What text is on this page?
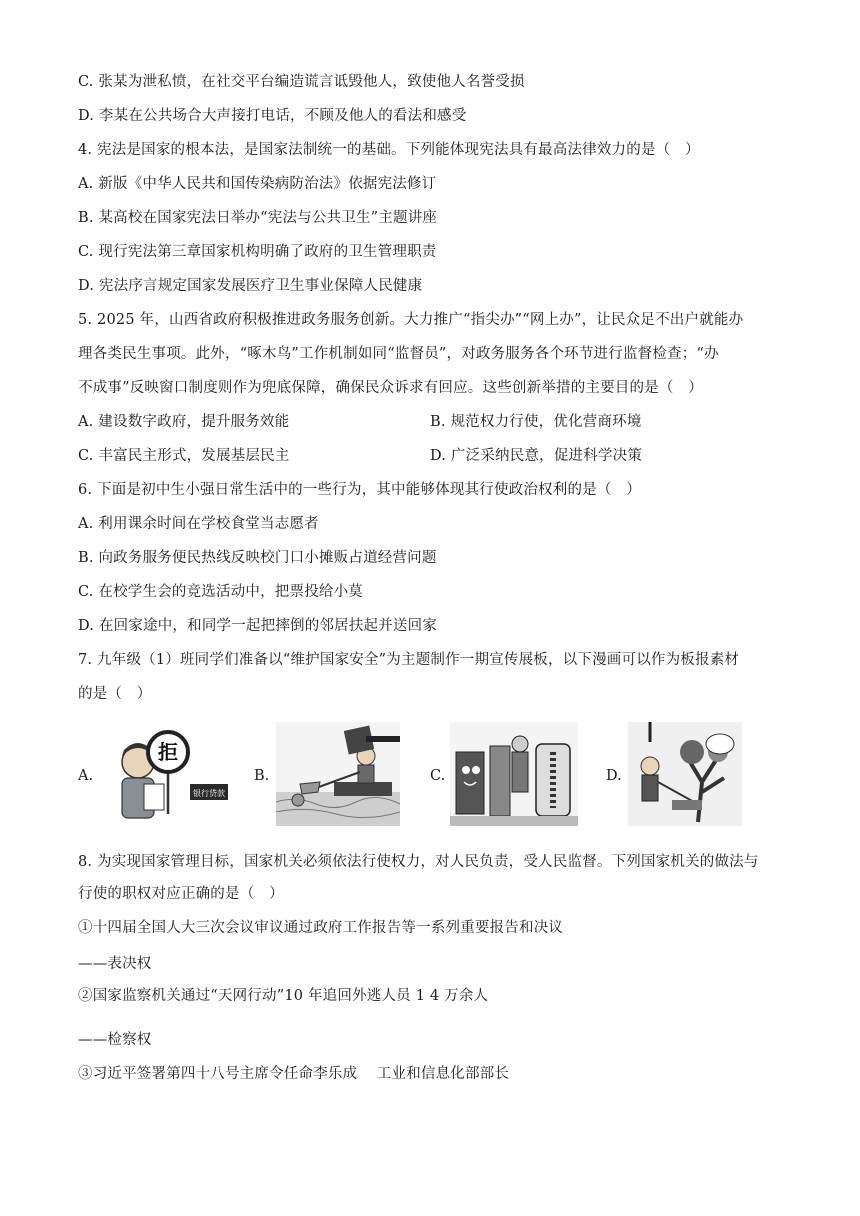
C. 张某为泄私愤，在社交平台编造谎言诋毁他人，致使他人名誉受损
D. 李某在公共场合大声接打电话，不顾及他人的看法和感受
4. 宪法是国家的根本法，是国家法制统一的基础。下列能体现宪法具有最高法律效力的是（　）
A. 新版《中华人民共和国传染病防治法》依据宪法修订
B. 某高校在国家宪法日举办“宪法与公共卫生”主题讲座
C. 现行宪法第三章国家机构明确了政府的卫生管理职责
D. 宪法序言规定国家发展医疗卫生事业保障人民健康
5. 2025 年，山西省政府积极推进政务服务创新。大力推广“指尖办”“网上办”，让民众足不出户就能办
理各类民生事项。此外，“啄木鸟”工作机制如同“监督员”，对政务服务各个环节进行监督检查；“办
不成事”反映窗口制度则作为兜底保障，确保民众诉求有回应。这些创新举措的主要目的是（　）
A. 建设数字政府，提升服务效能	B. 规范权力行使，优化营商环境
C. 丰富民主形式，发展基层民主	D. 广泛采纳民意，促进科学决策
6. 下面是初中生小强日常生活中的一些行为，其中能够体现其行使政治权利的是（　）
A. 利用课余时间在学校食堂当志愿者
B. 向政务服务便民热线反映校门口小摊贩占道经营问题
C. 在校学生会的竞选活动中，把票投给小莫
D. 在回家途中，和同学一起把摔倒的邻居扶起并送回家
7. 九年级（1）班同学们准备以“维护国家安全”为主题制作一期宣传展板，以下漫画可以作为板报素材
的是（　）
A.
拒
银行贷款
B.	C.	D.
8. 为实现国家管理目标，国家机关必须依法行使权力，对人民负责，受人民监督。下列国家机关的做法与
行使的职权对应正确的是（　）
①十四届全国人大三次会议审议通过政府工作报告等一系列重要报告和决议
——表决权
②国家监察机关通过“天网行动”10 年追回外逃人员 1 4 万余人
——检察权
③习近平签署第四十八号主席令任命李乐成　 工业和信息化部部长
